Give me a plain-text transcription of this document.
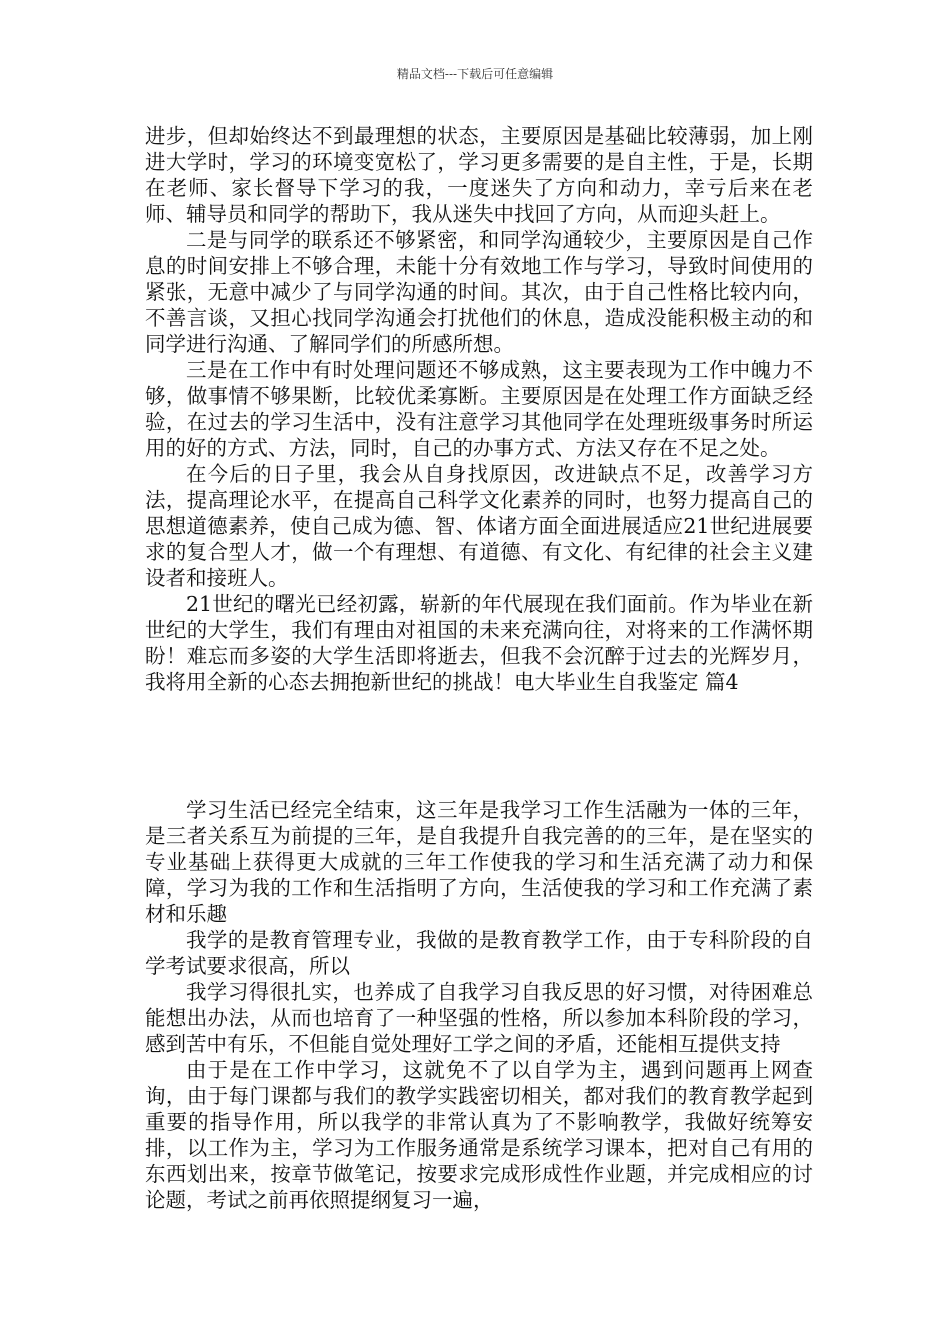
精品文档---下载后可任意编辑

进步，但却始终达不到最理想的状态，主要原因是基础比较薄弱，加上刚进大学时，学习的环境变宽松了，学习更多需要的是自主性，于是，长期在老师、家长督导下学习的我，一度迷失了方向和动力，幸亏后来在老师、辅导员和同学的帮助下，我从迷失中找回了方向，从而迎头赶上。

二是与同学的联系还不够紧密，和同学沟通较少，主要原因是自己作息的时间安排上不够合理，未能十分有效地工作与学习，导致时间使用的紧张，无意中减少了与同学沟通的时间。其次，由于自己性格比较内向，不善言谈，又担心找同学沟通会打扰他们的休息，造成没能积极主动的和同学进行沟通、了解同学们的所感所想。

三是在工作中有时处理问题还不够成熟，这主要表现为工作中魄力不够，做事情不够果断，比较优柔寡断。主要原因是在处理工作方面缺乏经验，在过去的学习生活中，没有注意学习其他同学在处理班级事务时所运用的好的方式、方法，同时，自己的办事方式、方法又存在不足之处。

在今后的日子里，我会从自身找原因，改进缺点不足，改善学习方法，提高理论水平，在提高自己科学文化素养的同时，也努力提高自己的思想道德素养，使自己成为德、智、体诸方面全面进展适应21世纪进展要求的复合型人才，做一个有理想、有道德、有文化、有纪律的社会主义建设者和接班人。

21世纪的曙光已经初露，崭新的年代展现在我们面前。作为毕业在新世纪的大学生，我们有理由对祖国的未来充满向往，对将来的工作满怀期盼！难忘而多姿的大学生活即将逝去，但我不会沉醉于过去的光辉岁月，我将用全新的心态去拥抱新世纪的挑战！电大毕业生自我鉴定 篇4

学习生活已经完全结束，这三年是我学习工作生活融为一体的三年，是三者关系互为前提的三年，是自我提升自我完善的的三年，是在坚实的专业基础上获得更大成就的三年工作使我的学习和生活充满了动力和保障，学习为我的工作和生活指明了方向，生活使我的学习和工作充满了素材和乐趣

我学的是教育管理专业，我做的是教育教学工作，由于专科阶段的自学考试要求很高，所以

我学习得很扎实，也养成了自我学习自我反思的好习惯，对待困难总能想出办法，从而也培育了一种坚强的性格，所以参加本科阶段的学习，感到苦中有乐，不但能自觉处理好工学之间的矛盾，还能相互提供支持

由于是在工作中学习，这就免不了以自学为主，遇到问题再上网查询，由于每门课都与我们的教学实践密切相关，都对我们的教育教学起到重要的指导作用，所以我学的非常认真为了不影响教学，我做好统筹安排，以工作为主，学习为工作服务通常是系统学习课本，把对自己有用的东西划出来，按章节做笔记，按要求完成形成性作业题，并完成相应的讨论题，考试之前再依照提纲复习一遍，
